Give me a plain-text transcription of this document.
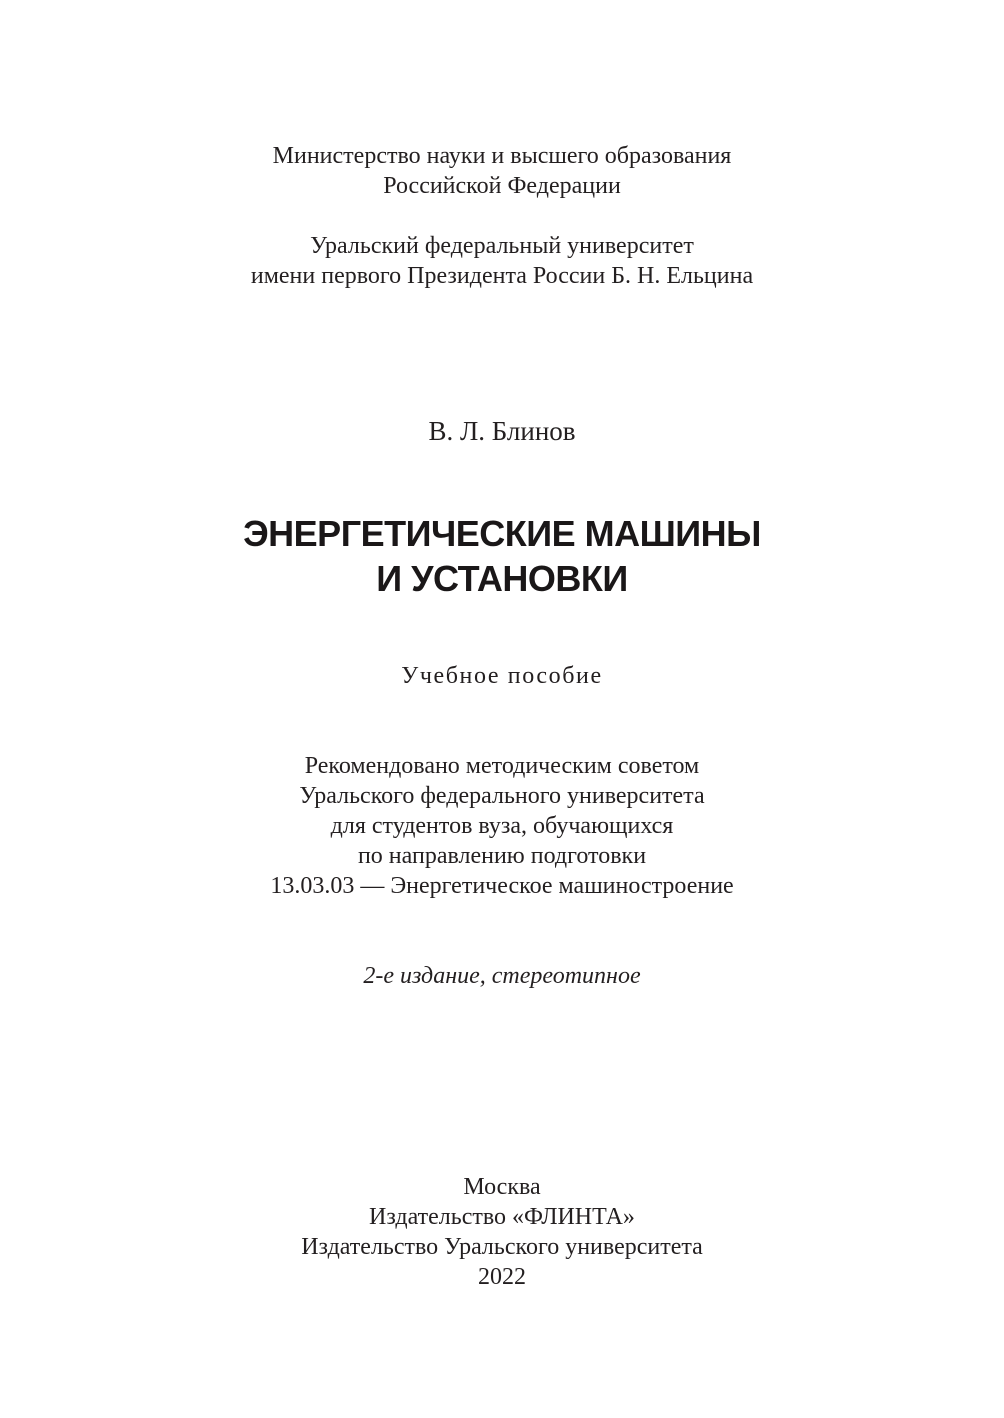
Министерство науки и высшего образования
Российской Федерации
Уральский федеральный университет
имени первого Президента России Б. Н. Ельцина
В. Л. Блинов
ЭНЕРГЕТИЧЕСКИЕ МАШИНЫ
И УСТАНОВКИ
Учебное пособие
Рекомендовано методическим советом
Уральского федерального университета
для студентов вуза, обучающихся
по направлению подготовки
13.03.03 — Энергетическое машиностроение
2-е издание, стереотипное
Москва
Издательство «ФЛИНТА»
Издательство Уральского университета
2022
